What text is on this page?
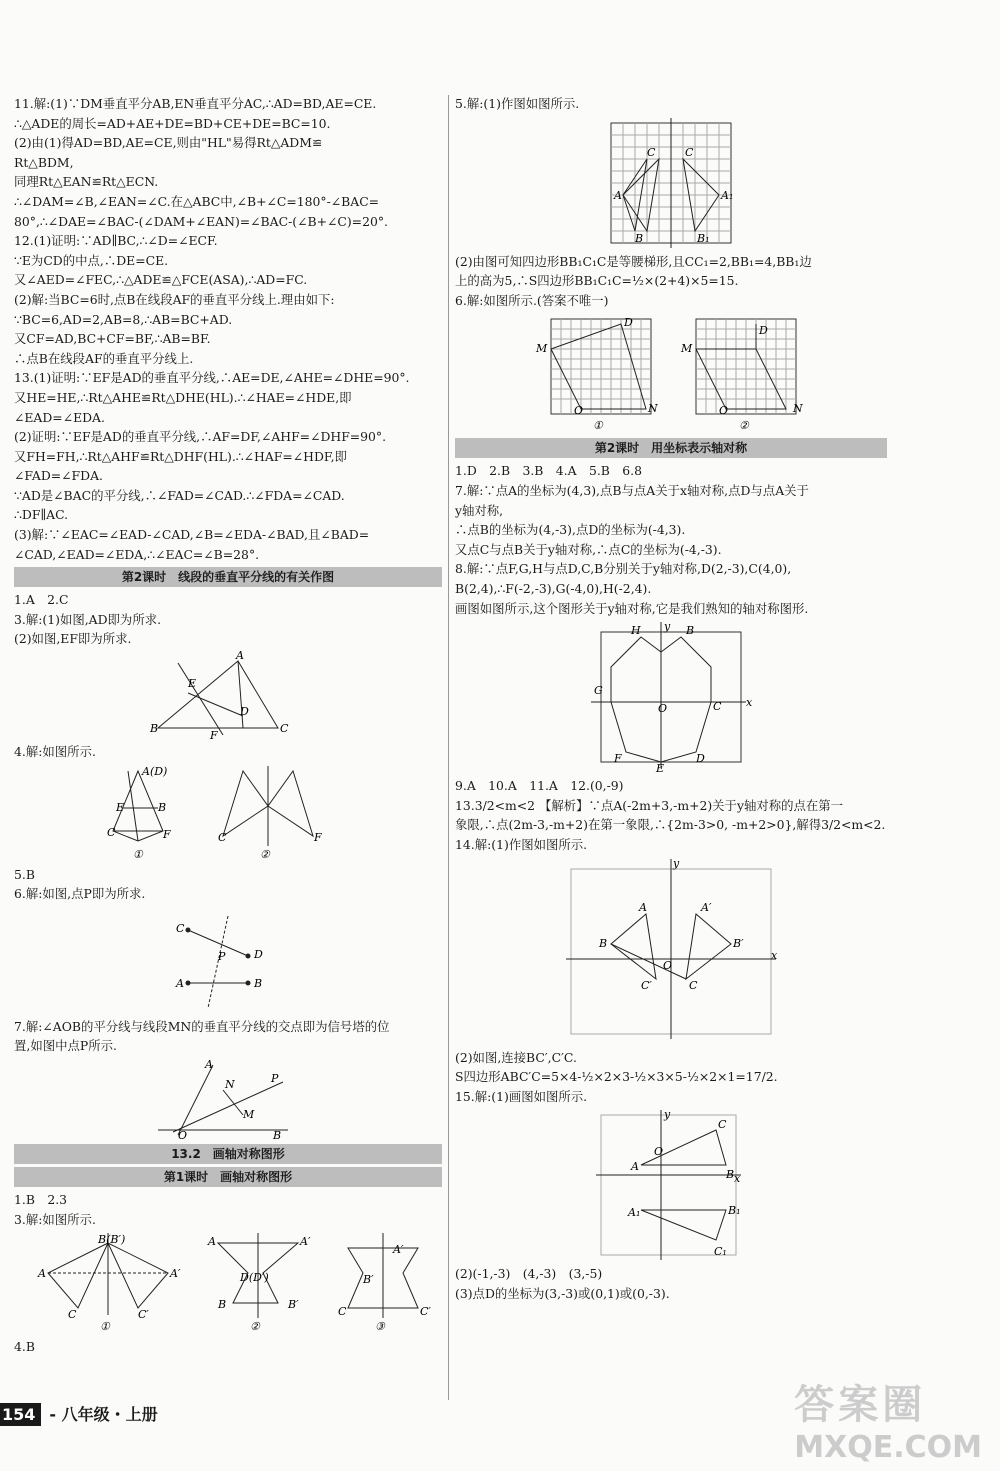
11.解:(1)∵DM垂直平分AB,EN垂直平分AC,∴AD=BD,AE=CE.
∴△ADE的周长=AD+AE+DE=BD+CE+DE=BC=10.
(2)由(1)得AD=BD,AE=CE,则由"HL"易得Rt△ADM≌
Rt△BDM,
同理Rt△EAN≌Rt△ECN.
∴∠DAM=∠B,∠EAN=∠C.在△ABC中,∠B+∠C=180°-∠BAC=
80°,∴∠DAE=∠BAC-(∠DAM+∠EAN)=∠BAC-(∠B+∠C)=20°.
12.(1)证明:∵AD∥BC,∴∠D=∠ECF.
∵E为CD的中点,∴DE=CE.
又∠AED=∠FEC,∴△ADE≌△FCE(ASA),∴AD=FC.
(2)解:当BC=6时,点B在线段AF的垂直平分线上.理由如下:
∵BC=6,AD=2,AB=8,∴AB=BC+AD.
又CF=AD,BC+CF=BF,∴AB=BF.
∴点B在线段AF的垂直平分线上.
13.(1)证明:∵EF是AD的垂直平分线,∴AE=DE,∠AHE=∠DHE=90°.
又HE=HE,∴Rt△AHE≌Rt△DHE(HL).∴∠HAE=∠HDE,即
∠EAD=∠EDA.
(2)证明:∵EF是AD的垂直平分线,∴AF=DF,∠AHF=∠DHF=90°.
又FH=FH,∴Rt△AHF≌Rt△DHF(HL).∴∠HAF=∠HDF,即
∠FAD=∠FDA.
∵AD是∠BAC的平分线,∴∠FAD=∠CAD.∴∠FDA=∠CAD.
∴DF∥AC.
(3)解:∵∠EAC=∠EAD-∠CAD,∠B=∠EDA-∠BAD,且∠BAD=
∠CAD,∠EAD=∠EDA,∴∠EAC=∠B=28°.
第2课时　线段的垂直平分线的有关作图
1.A　2.C
3.解:(1)如图,AD即为所求.
(2)如图,EF即为所求.
B
A
C
E
D
F
4.解:如图所示.
A(D)
E	B
C	F
①
C	F
②
5.B
6.解:如图,点P即为所求.
C
D
A	B
P
7.解:∠AOB的平分线与线段MN的垂直平分线的交点即为信号塔的位
置,如图中点P所示.
A
P
N
M
O	B
13.2　画轴对称图形
第1课时　画轴对称图形
1.B　2.3
3.解:如图所示.
A	A′
B(B′)
C	C′
①
A	A′
B	B′
D(D′)
②
A′
B′
C	C′
③
4.B
5.解:(1)作图如图所示.
A
C	C
B	B₁
A₁
(2)由图可知四边形BB₁C₁C是等腰梯形,且CC₁=2,BB₁=4,BB₁边
上的高为5,∴S四边形BB₁C₁C=½×(2+4)×5=15.
6.解:如图所示.(答案不唯一)
M
D
N
O
①
M
D
N
O
②
第2课时　用坐标表示轴对称
1.D　2.B　3.B　4.A　5.B　6.8
7.解:∵点A的坐标为(4,3),点B与点A关于x轴对称,点D与点A关于
y轴对称,
∴点B的坐标为(4,-3),点D的坐标为(-4,3).
又点C与点B关于y轴对称,∴点C的坐标为(-4,-3).
8.解:∵点F,G,H与点D,C,B分别关于y轴对称,D(2,-3),C(4,0),
B(2,4),∴F(-2,-3),G(-4,0),H(-2,4).
画图如图所示,这个图形关于y轴对称,它是我们熟知的轴对称图形.
H	B
G
O	C x
y
F	D
E
9.A　10.A　11.A　12.(0,-9)
13.3/2<m<2 【解析】∵点A(-2m+3,-m+2)关于y轴对称的点在第一
象限,∴点(2m-3,-m+2)在第一象限,∴{2m-3>0, -m+2>0},解得3/2<m<2.
14.解:(1)作图如图所示.
x
y
A	A′
B	B′
C′	C
O
(2)如图,连接BC′,C′C.
S四边形ABC′C=5×4-½×2×3-½×3×5-½×2×1=17/2.
15.解:(1)画图如图所示.
x
y
A
C
B
O
A₁	B₁
C₁
(2)(-1,-3)　(4,-3)　(3,-5)
(3)点D的坐标为(3,-3)或(0,1)或(0,-3).
154 - 八年级・上册	答案圈
MXQE.COM
